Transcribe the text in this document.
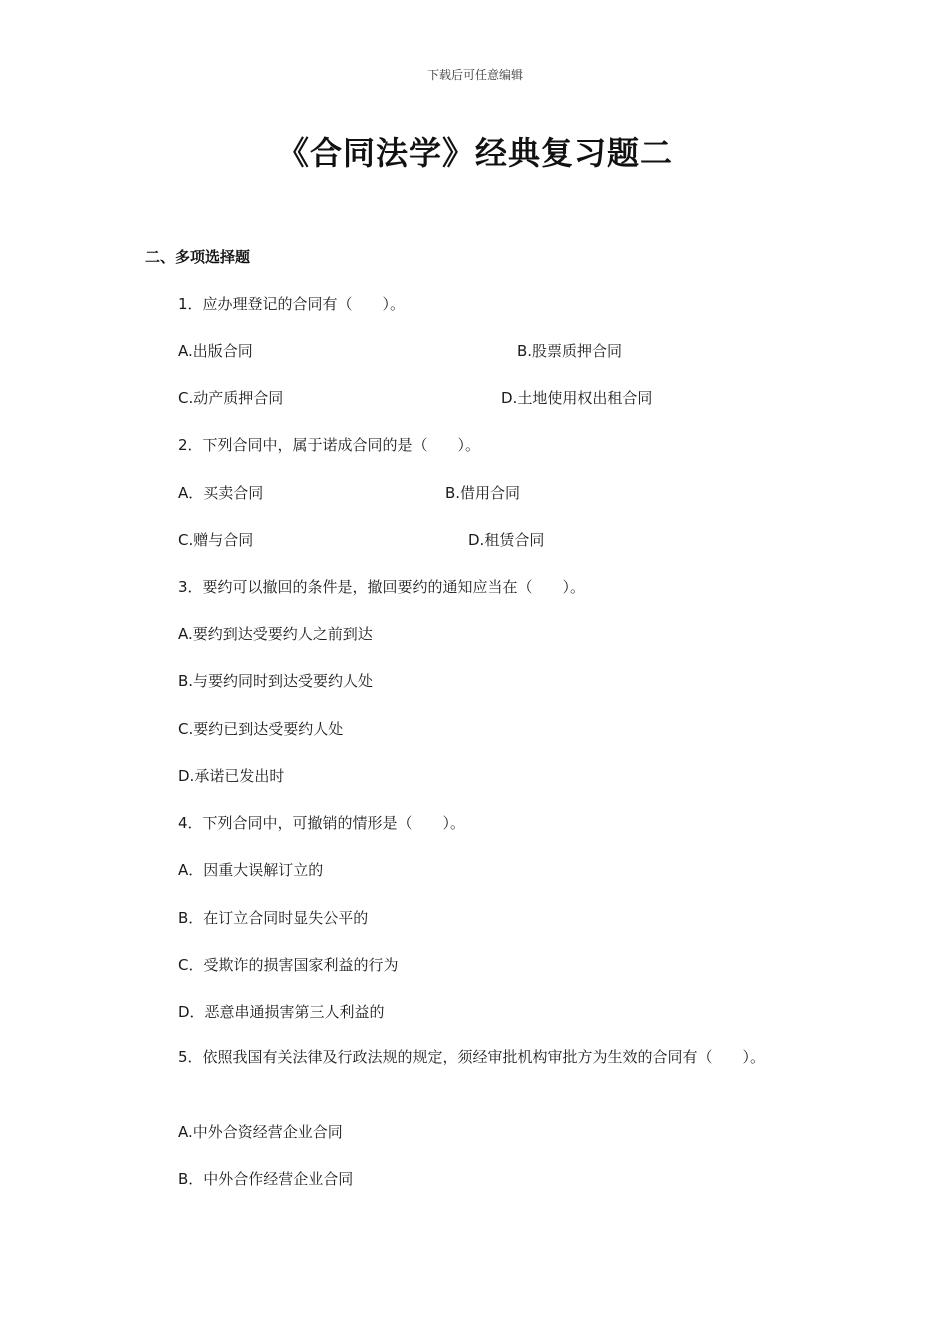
下载后可任意编辑
《合同法学》经典复习题二
二、多项选择题
1．应办理登记的合同有（　　）。
A.出版合同	B.股票质押合同
C.动产质押合同	D.土地使用权出租合同
2．下列合同中，属于诺成合同的是（　　）。
A．买卖合同	B.借用合同
C.赠与合同	D.租赁合同
3．要约可以撤回的条件是，撤回要约的通知应当在（　　）。
A.要约到达受要约人之前到达
B.与要约同时到达受要约人处
C.要约已到达受要约人处
D.承诺已发出时
4．下列合同中，可撤销的情形是（　　）。
A．因重大误解订立的
B．在订立合同时显失公平的
C．受欺诈的损害国家利益的行为
D．恶意串通损害第三人利益的
5．依照我国有关法律及行政法规的规定，须经审批机构审批方为生效的合同有（　　）。
A.中外合资经营企业合同
B．中外合作经营企业合同
